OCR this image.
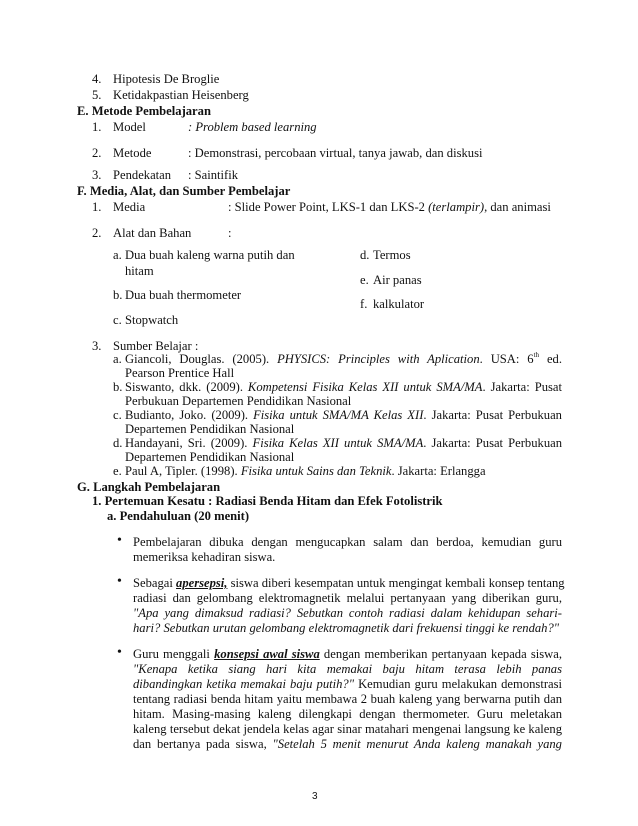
4. Hipotesis De Broglie
5. Ketidakpastian Heisenberg
E. Metode Pembelajaran
1. Model	: Problem based learning
2. Metode	: Demonstrasi, percobaan virtual, tanya jawab, dan diskusi
3. Pendekatan : Saintifik
F. Media, Alat, dan Sumber Pembelajar
1. Media	: Slide Power Point, LKS-1 dan LKS-2 (terlampir), dan animasi
2. Alat dan Bahan	:
a. Dua buah kaleng warna putih dan
hitam
b. Dua buah thermometer
c. Stopwatch
d. Termos
e. Air panas
f. kalkulator
3. Sumber Belajar :
a. Giancoli, Douglas. (2005). PHYSICS: Principles with Aplication. USA: 6th ed.
Pearson Prentice Hall
b. Siswanto, dkk. (2009). Kompetensi Fisika Kelas XII untuk SMA/MA. Jakarta: Pusat
Perbukuan Departemen Pendidikan Nasional
c. Budianto, Joko. (2009). Fisika untuk SMA/MA Kelas XII. Jakarta: Pusat Perbukuan
Departemen Pendidikan Nasional
d. Handayani, Sri. (2009). Fisika Kelas XII untuk SMA/MA. Jakarta: Pusat Perbukuan
Departemen Pendidikan Nasional
e. Paul A, Tipler. (1998). Fisika untuk Sains dan Teknik. Jakarta: Erlangga
G. Langkah Pembelajaran
1. Pertemuan Kesatu : Radiasi Benda Hitam dan Efek Fotolistrik
a. Pendahuluan (20 menit)
• Pembelajaran dibuka dengan mengucapkan salam dan berdoa, kemudian guru
memeriksa kehadiran siswa.
• Sebagai apersepsi, siswa diberi kesempatan untuk mengingat kembali konsep tentang
radiasi dan gelombang elektromagnetik melalui pertanyaan yang diberikan guru,
"Apa yang dimaksud radiasi? Sebutkan contoh radiasi dalam kehidupan sehari-
hari? Sebutkan urutan gelombang elektromagnetik dari frekuensi tinggi ke rendah?"
• Guru menggali konsepsi awal siswa dengan memberikan pertanyaan kepada siswa,
"Kenapa ketika siang hari kita memakai baju hitam terasa lebih panas
dibandingkan ketika memakai baju putih?" Kemudian guru melakukan demonstrasi
tentang radiasi benda hitam yaitu membawa 2 buah kaleng yang berwarna putih dan
hitam. Masing-masing kaleng dilengkapi dengan thermometer. Guru meletakan
kaleng tersebut dekat jendela kelas agar sinar matahari mengenai langsung ke kaleng
dan bertanya pada siswa, "Setelah 5 menit menurut Anda kaleng manakah yang
3
